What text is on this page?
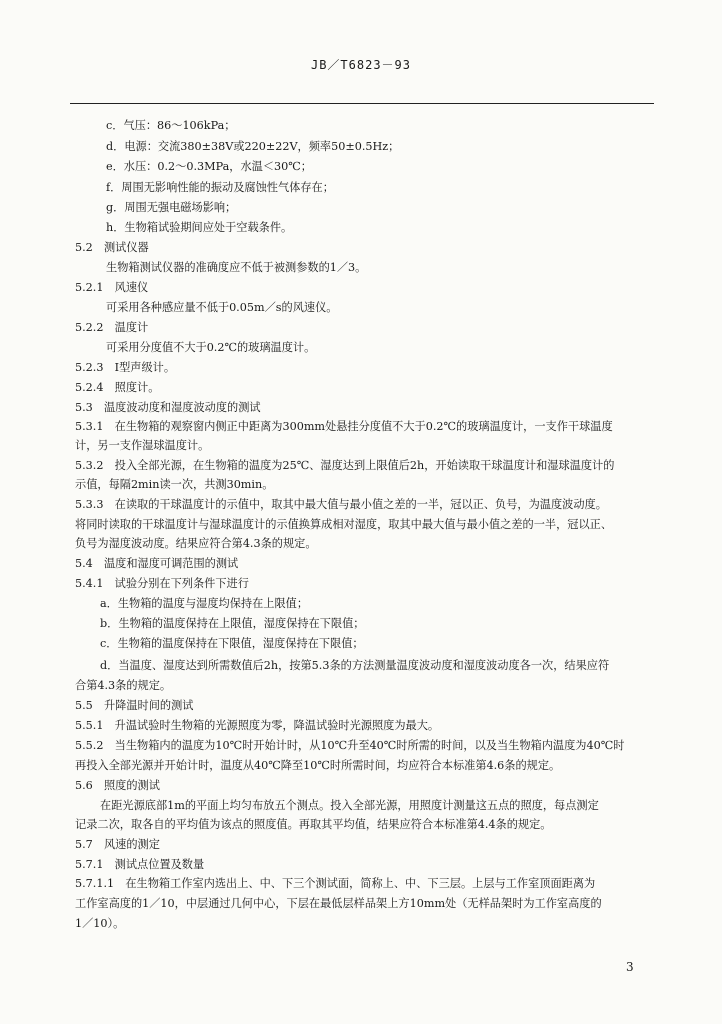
JB／T6823－93
c．气压：86～106kPa；
d．电源：交流380±38V或220±22V，频率50±0.5Hz；
e．水压：0.2～0.3MPa，水温＜30℃；
f．周围无影响性能的振动及腐蚀性气体存在；
g．周围无强电磁场影响；
h．生物箱试验期间应处于空载条件。
5.2　测试仪器
生物箱测试仪器的准确度应不低于被测参数的1／3。
5.2.1　风速仪
可采用各种感应量不低于0.05m／s的风速仪。
5.2.2　温度计
可采用分度值不大于0.2℃的玻璃温度计。
5.2.3　Ⅰ型声级计。
5.2.4　照度计。
5.3　温度波动度和湿度波动度的测试
5.3.1　在生物箱的观察窗内侧正中距离为300mm处悬挂分度值不大于0.2℃的玻璃温度计，一支作干球温度
计，另一支作湿球温度计。
5.3.2　投入全部光源，在生物箱的温度为25℃、湿度达到上限值后2h，开始读取干球温度计和湿球温度计的
示值，每隔2min读一次，共测30min。
5.3.3　在读取的干球温度计的示值中，取其中最大值与最小值之差的一半，冠以正、负号，为温度波动度。
将同时读取的干球温度计与湿球温度计的示值换算成相对湿度，取其中最大值与最小值之差的一半，冠以正、
负号为湿度波动度。结果应符合第4.3条的规定。
5.4　温度和湿度可调范围的测试
5.4.1　试验分别在下列条件下进行
a．生物箱的温度与湿度均保持在上限值；
b．生物箱的温度保持在上限值，湿度保持在下限值；
c．生物箱的温度保持在下限值，湿度保持在下限值；
d．当温度、湿度达到所需数值后2h，按第5.3条的方法测量温度波动度和湿度波动度各一次，结果应符
合第4.3条的规定。
5.5　升降温时间的测试
5.5.1　升温试验时生物箱的光源照度为零，降温试验时光源照度为最大。
5.5.2　当生物箱内的温度为10℃时开始计时，从10℃升至40℃时所需的时间，以及当生物箱内温度为40℃时
再投入全部光源并开始计时，温度从40℃降至10℃时所需时间，均应符合本标准第4.6条的规定。
5.6　照度的测试
在距光源底部1m的平面上均匀布放五个测点。投入全部光源，用照度计测量这五点的照度，每点测定
记录二次，取各自的平均值为该点的照度值。再取其平均值，结果应符合本标准第4.4条的规定。
5.7　风速的测定
5.7.1　测试点位置及数量
5.7.1.1　在生物箱工作室内选出上、中、下三个测试面，简称上、中、下三层。上层与工作室顶面距离为
工作室高度的1／10，中层通过几何中心，下层在最低层样品架上方10mm处（无样品架时为工作室高度的
1／10）。
3
